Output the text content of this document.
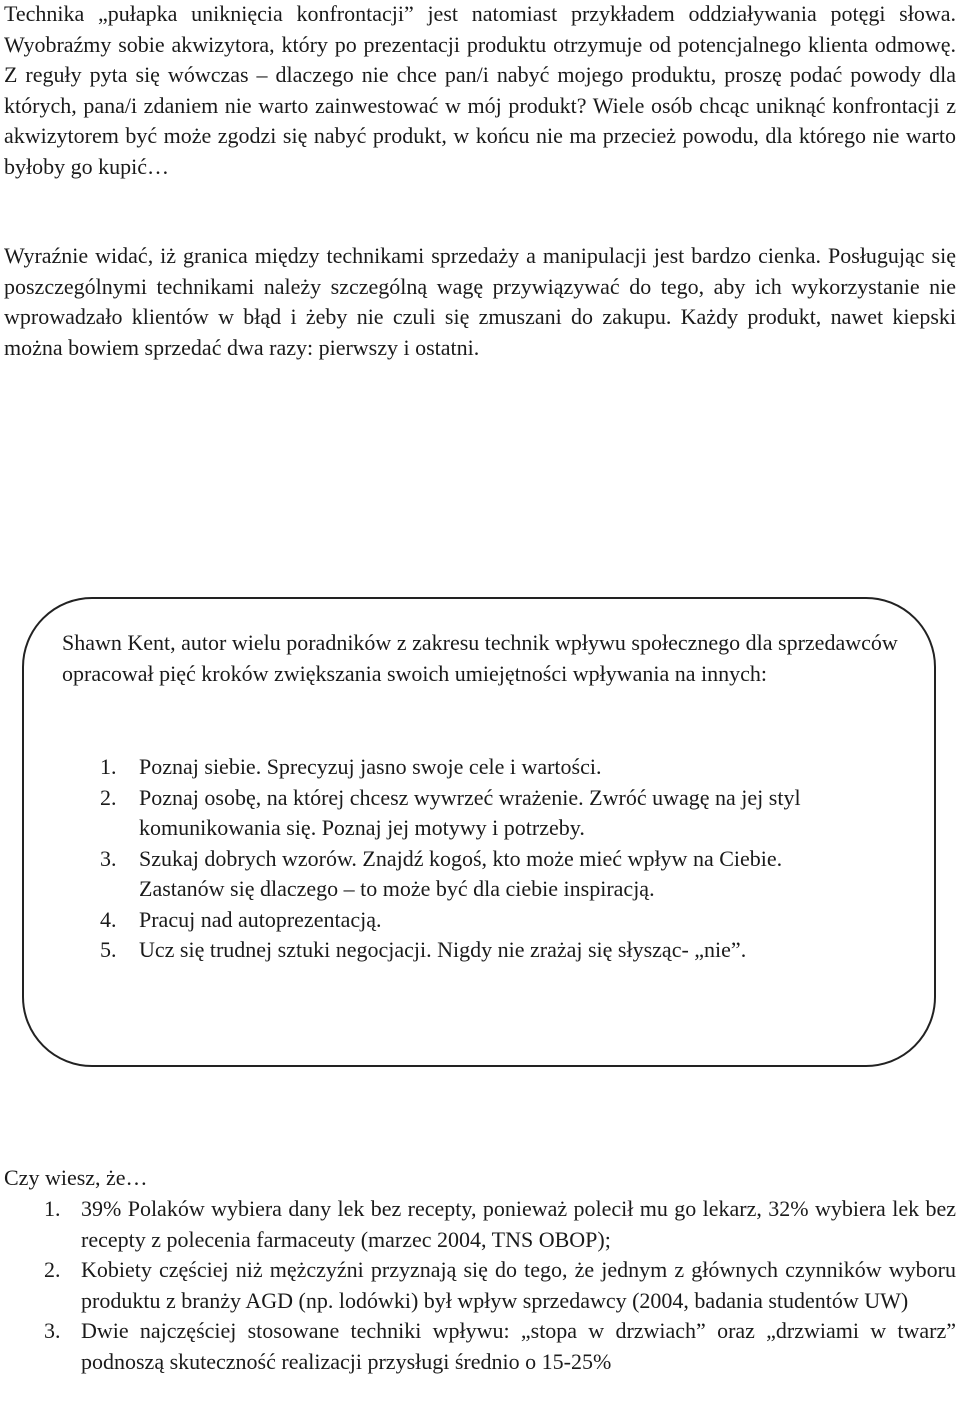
Technika „pułapka uniknięcia konfrontacji” jest natomiast przykładem oddziaływania potęgi słowa. Wyobraźmy sobie akwizytora, który po prezentacji produktu otrzymuje od potencjalnego klienta odmowę. Z reguły pyta się wówczas – dlaczego nie chce pan/i nabyć mojego produktu, proszę podać powody dla których, pana/i zdaniem nie warto zainwestować w mój produkt? Wiele osób chcąc uniknąć konfrontacji z akwizytorem być może zgodzi się nabyć produkt, w końcu nie ma przecież powodu, dla którego nie warto byłoby go kupić…

Wyraźnie widać, iż granica między technikami sprzedaży a manipulacji jest bardzo cienka. Posługując się poszczególnymi technikami należy szczególną wagę przywiązywać do tego, aby ich wykorzystanie nie wprowadzało klientów w błąd i żeby nie czuli się zmuszani do zakupu. Każdy produkt, nawet kiepski można bowiem sprzedać dwa razy: pierwszy i ostatni.

Shawn Kent, autor wielu poradników z zakresu technik wpływu społecznego dla sprzedawców opracował pięć kroków zwiększania swoich umiejętności wpływania na innych:

1. Poznaj siebie. Sprecyzuj jasno swoje cele i wartości.
2. Poznaj osobę, na której chcesz wywrzeć wrażenie. Zwróć uwagę na jej styl komunikowania się. Poznaj jej motywy i potrzeby.
3. Szukaj dobrych wzorów. Znajdź kogoś, kto może mieć wpływ na Ciebie. Zastanów się dlaczego – to może być dla ciebie inspiracją.
4. Pracuj nad autoprezentacją.
5. Ucz się trudnej sztuki negocjacji. Nigdy nie zrażaj się słysząc- „nie”.

Czy wiesz, że…

1. 39% Polaków wybiera dany lek bez recepty, ponieważ polecił mu go lekarz, 32% wybiera lek bez recepty z polecenia farmaceuty (marzec 2004, TNS OBOP);
2. Kobiety częściej niż mężczyźni przyznają się do tego, że jednym z głównych czynników wyboru produktu z branży AGD (np. lodówki) był wpływ sprzedawcy (2004, badania studentów UW)
3. Dwie najczęściej stosowane techniki wpływu: „stopa w drzwiach” oraz „drzwiami w twarz” podnoszą skuteczność realizacji przysługi średnio o 15-25%
